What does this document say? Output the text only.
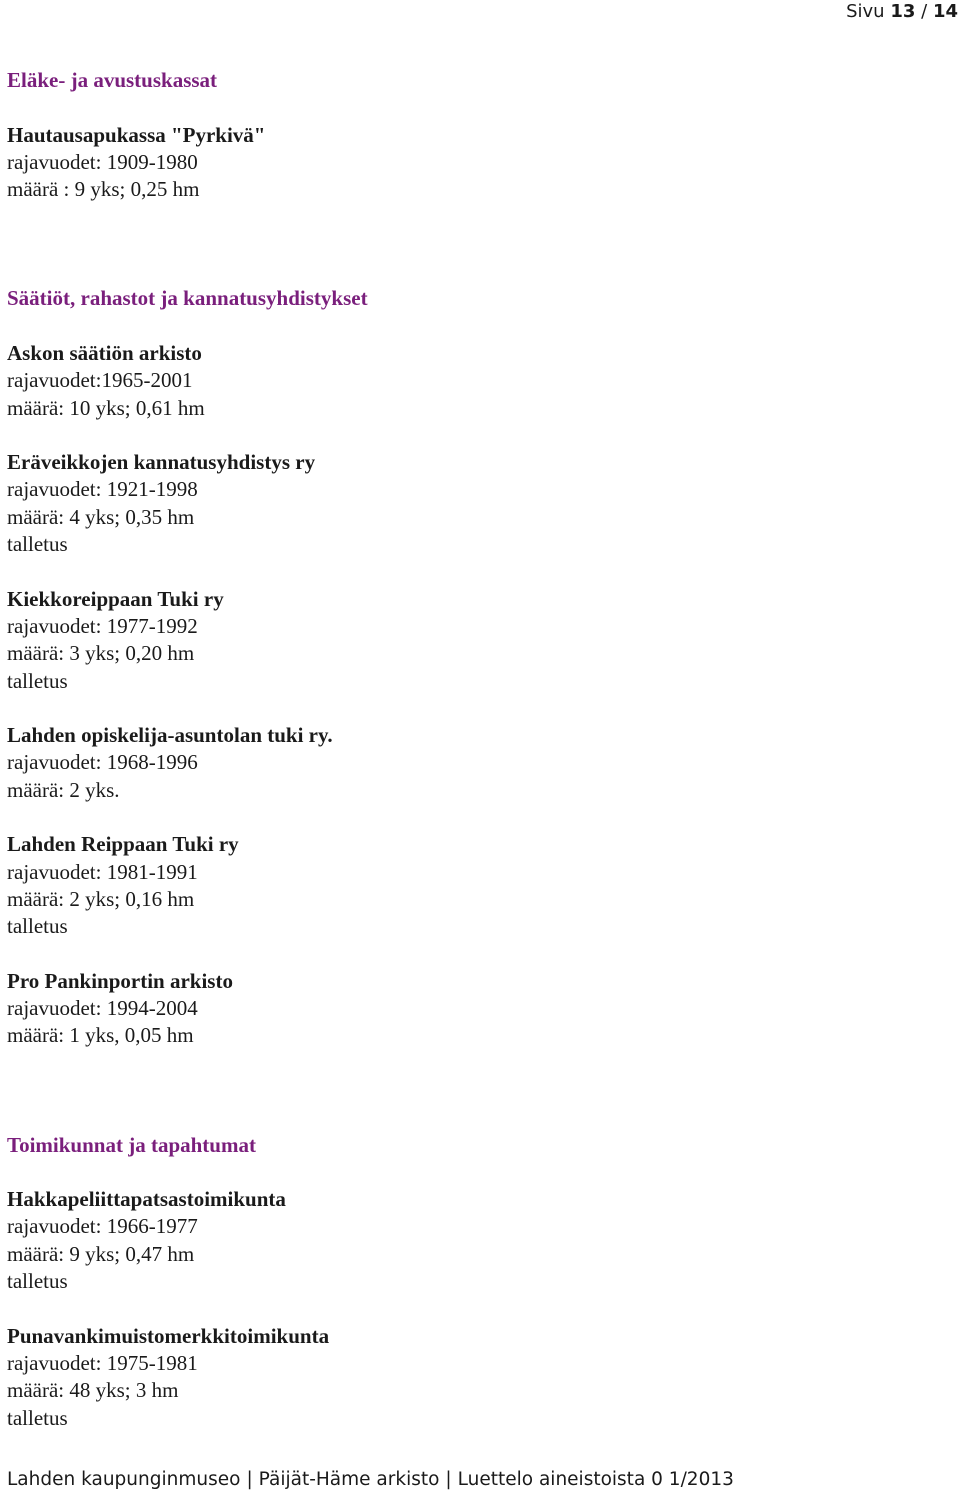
Sivu 13 / 14
Eläke- ja avustuskassat
Hautausapukassa "Pyrkivä"
rajavuodet: 1909-1980
määrä : 9 yks; 0,25 hm
Säätiöt, rahastot ja kannatusyhdistykset
Askon säätiön arkisto
rajavuodet:1965-2001
määrä: 10 yks; 0,61 hm
Eräveikkojen kannatusyhdistys ry
rajavuodet: 1921-1998
määrä: 4 yks; 0,35 hm
talletus
Kiekkoreippaan Tuki ry
rajavuodet: 1977-1992
määrä: 3 yks; 0,20 hm
talletus
Lahden opiskelija-asuntolan tuki ry.
rajavuodet: 1968-1996
määrä: 2 yks.
Lahden Reippaan Tuki ry
rajavuodet: 1981-1991
määrä: 2 yks; 0,16 hm
talletus
Pro Pankinportin arkisto
rajavuodet: 1994-2004
määrä: 1 yks, 0,05 hm
Toimikunnat ja tapahtumat
Hakkapeliittapatsastoimikunta
rajavuodet: 1966-1977
määrä: 9 yks; 0,47 hm
talletus
Punavankimuistomerkkitoimikunta
rajavuodet: 1975-1981
määrä: 48 yks; 3 hm
talletus
Lahden kaupunginmuseo | Päijät-Häme arkisto | Luettelo aineistoista 0 1/2013
